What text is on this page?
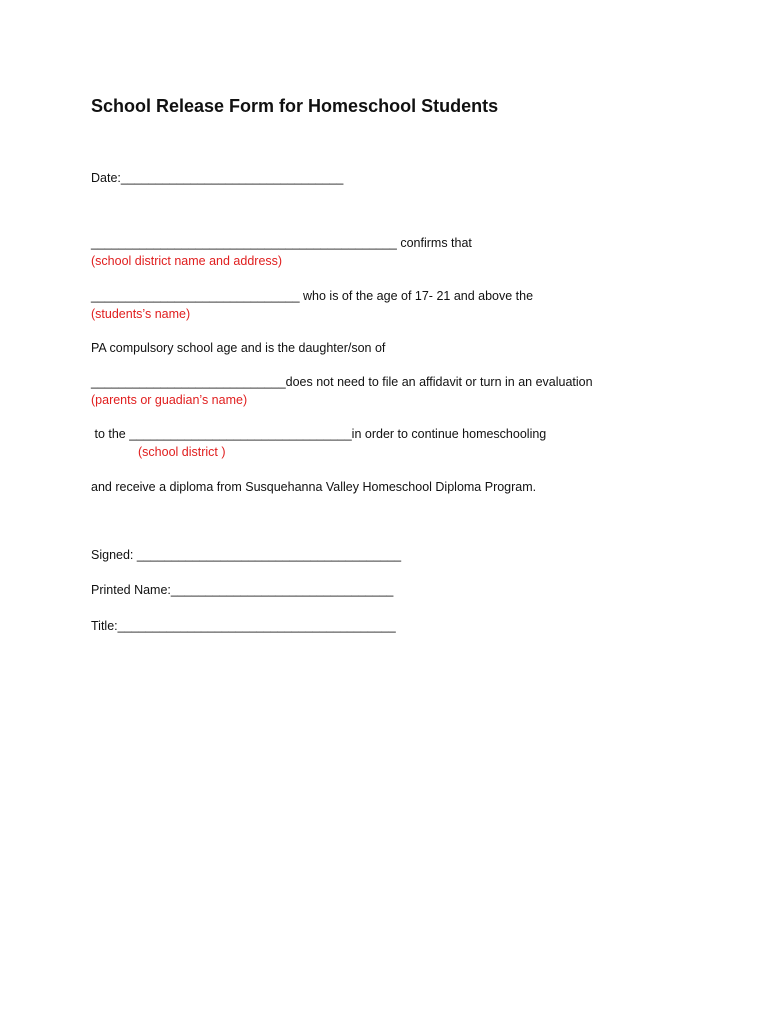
School Release Form for Homeschool Students
Date:________________________________
____________________________________________ confirms that
(school district name and address)
______________________________ who is of the age of 17- 21 and above the
(students’s name)
PA compulsory school age and is the daughter/son of
____________________________does not need to file an affidavit or turn in an evaluation
(parents or guadian’s name)
to the ________________________________in order to continue homeschooling
(school district )
and receive a diploma from Susquehanna Valley Homeschool Diploma Program.
Signed: ______________________________________
Printed Name:________________________________
Title:________________________________________
